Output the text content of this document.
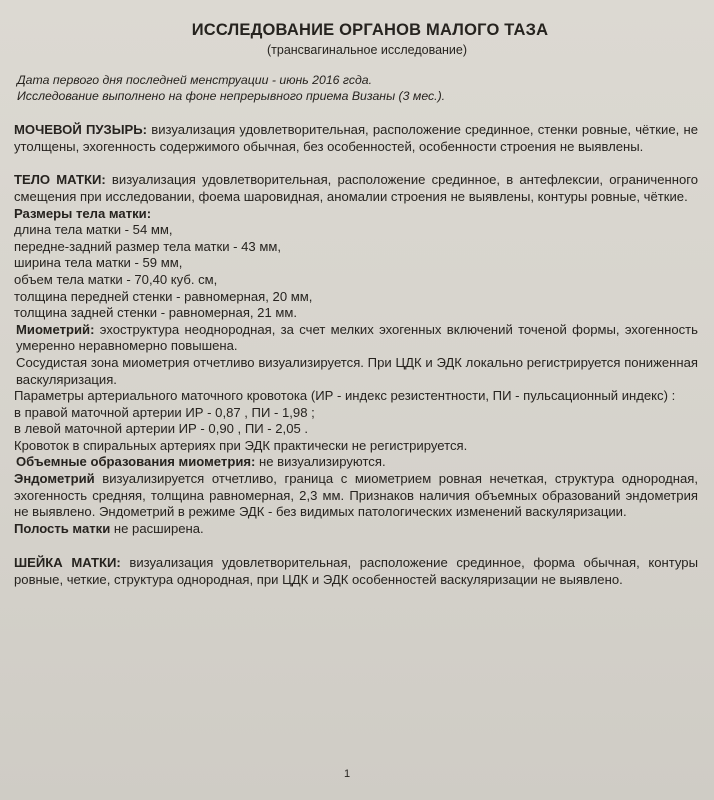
ИССЛЕДОВАНИЕ ОРГАНОВ МАЛОГО ТАЗА
(трансвагинальное исследование)
Дата первого дня последней менструации - июнь 2016 гсда.
Исследование выполнено на фоне непрерывного приема Визаны (3 мес.).

МОЧЕВОЙ ПУЗЫРЬ: визуализация удовлетворительная, расположение срединное, стенки ровные, чёткие, не утолщены, эхогенность содержимого обычная, без особенностей, особенности строения не выявлены.

ТЕЛО МАТКИ: визуализация удовлетворительная, расположение срединное, в антефлексии, ограниченного смещения при исследовании, фоема шаровидная, аномалии строения не выявлены, контуры ровные, чёткие.

Размеры тела матки:
длина тела матки - 54 мм,
передне-задний размер тела матки - 43 мм,
ширина тела матки - 59 мм,
объем тела матки - 70,40 куб. см,
толщина передней стенки - равномерная, 20 мм,
толщина задней стенки - равномерная, 21 мм.

Миометрий: эхоструктура неоднородная, за счет мелких эхогенных включений точеной формы, эхогенность умеренно неравномерно повышена.

Сосудистая зона миометрия отчетливо визуализируется. При ЦДК и ЭДК локально регистрируется пониженная васкуляризация.

Параметры артериального маточного кровотока (ИР - индекс резистентности, ПИ - пульсационный индекс) :

в правой маточной артерии ИР - 0,87 , ПИ - 1,98 ;
в левой маточной артерии ИР - 0,90 , ПИ - 2,05 .
Кровоток в спиральных артериях при ЭДК практически не регистрируется.

Объемные образования миометрия: не визуализируются.

Эндометрий визуализируется отчетливо, граница с миометрием ровная нечеткая, структура однородная, эхогенность средняя, толщина равномерная, 2,3 мм. Признаков наличия объемных образований эндометрия не выявлено. Эндометрий в режиме ЭДК - без видимых патологических изменений васкуляризации.

Полость матки не расширена.

ШЕЙКА МАТКИ: визуализация удовлетворительная, расположение срединное, форма обычная, контуры ровные, четкие, структура однородная, при ЦДК и ЭДК особенностей васкуляризации не выявлено.

1
